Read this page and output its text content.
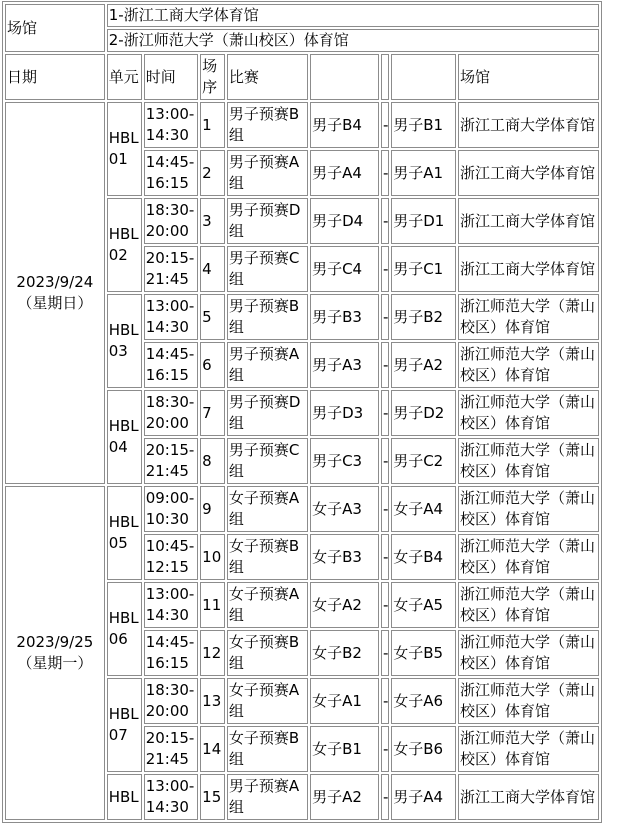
场馆	1-浙江工商大学体育馆							
	2-浙江师范大学（萧山校区）体育馆							
日期	单元	时间	场序	比赛				场馆
2023/9/24
（星期日）	HBL 01	13:00-14:30	1	男子预赛B组	男子B4	-	男子B1	浙江工商大学体育馆
		14:45-16:15	2	男子预赛A组	男子A4	-	男子A1	浙江工商大学体育馆
	HBL 02	18:30-20:00	3	男子预赛D组	男子D4	-	男子D1	浙江工商大学体育馆
		20:15-21:45	4	男子预赛C组	男子C4	-	男子C1	浙江工商大学体育馆
	HBL 03	13:00-14:30	5	男子预赛B组	男子B3	-	男子B2	浙江师范大学（萧山校区）体育馆
		14:45-16:15	6	男子预赛A组	男子A3	-	男子A2	浙江师范大学（萧山校区）体育馆
	HBL 04	18:30-20:00	7	男子预赛D组	男子D3	-	男子D2	浙江师范大学（萧山校区）体育馆
		20:15-21:45	8	男子预赛C组	男子C3	-	男子C2	浙江师范大学（萧山校区）体育馆
2023/9/25
（星期一）	HBL 05	09:00-10:30	9	女子预赛A组	女子A3	-	女子A4	浙江师范大学（萧山校区）体育馆
		10:45-12:15	10	女子预赛B组	女子B3	-	女子B4	浙江师范大学（萧山校区）体育馆
	HBL 06	13:00-14:30	11	女子预赛A组	女子A2	-	女子A5	浙江师范大学（萧山校区）体育馆
		14:45-16:15	12	女子预赛B组	女子B2	-	女子B5	浙江师范大学（萧山校区）体育馆
	HBL 07	18:30-20:00	13	女子预赛A组	女子A1	-	女子A6	浙江师范大学（萧山校区）体育馆
		20:15-21:45	14	女子预赛B组	女子B1	-	女子B6	浙江师范大学（萧山校区）体育馆
	HBL	13:00-14:30	15	男子预赛A组	男子A2	-	男子A4	浙江工商大学体育馆
